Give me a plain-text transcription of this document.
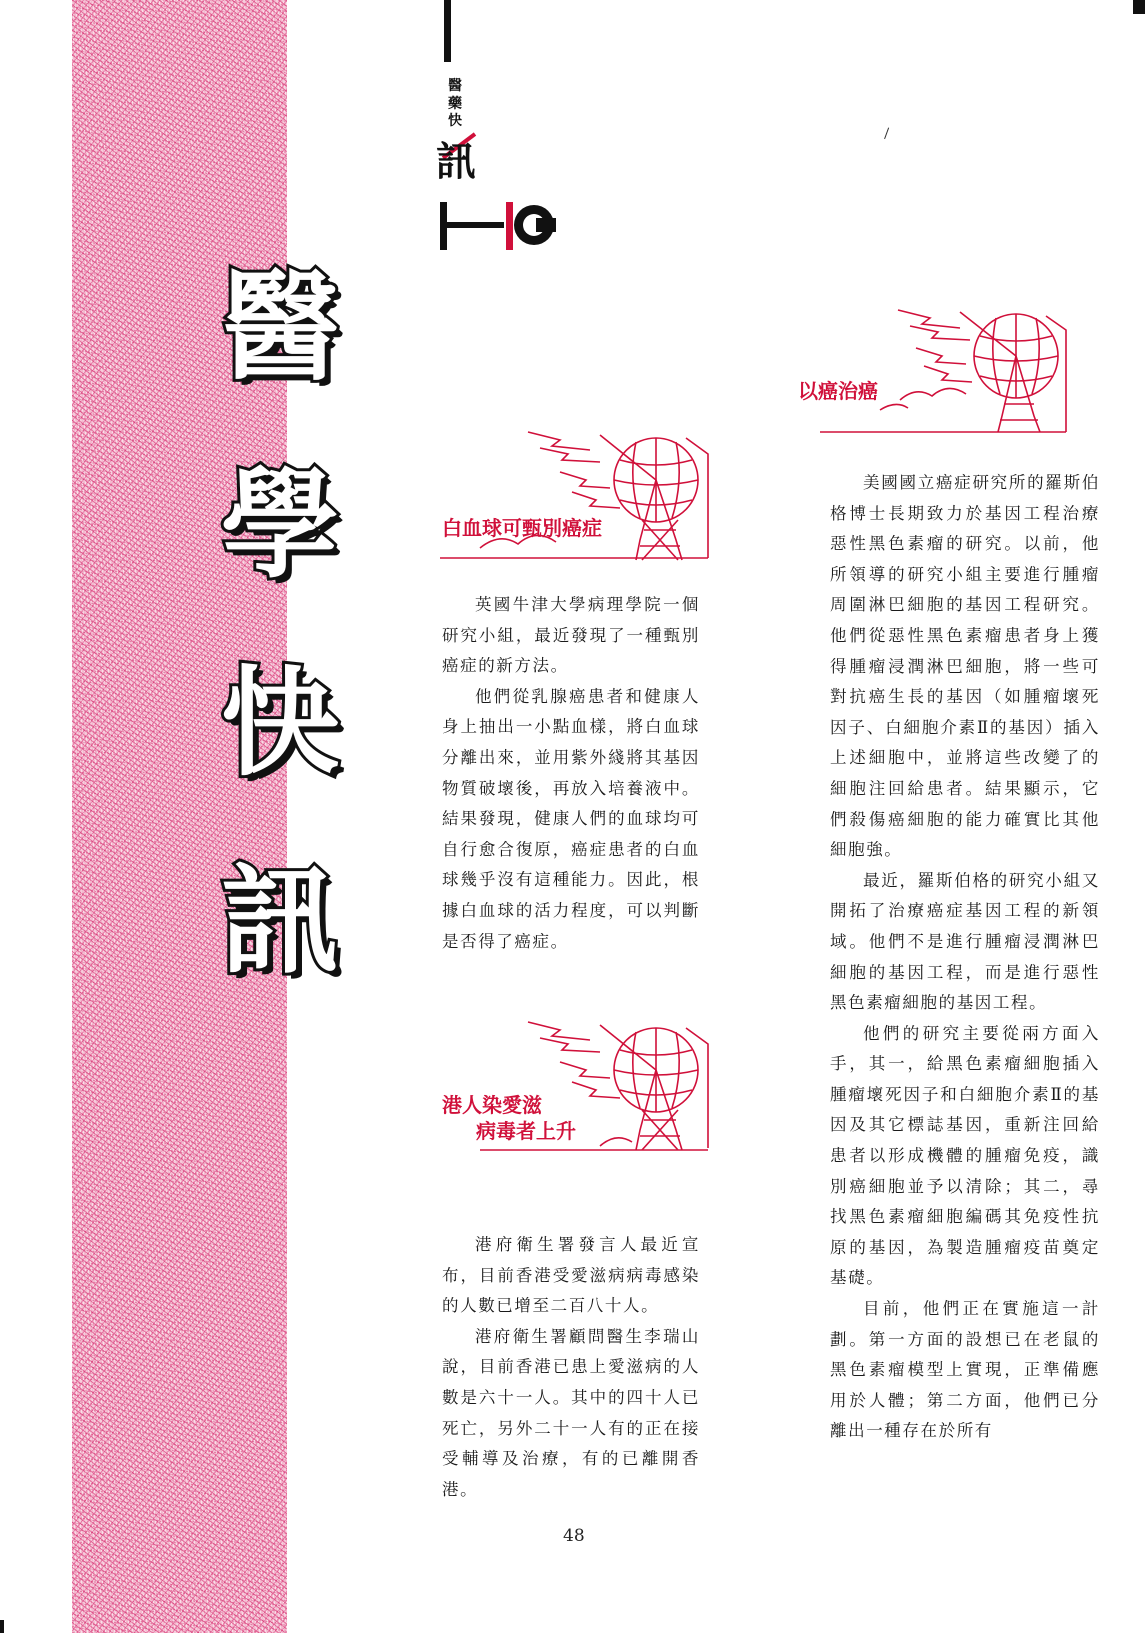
醫
學
快
訊
醫
藥
快
訊
白血球可甄別癌症

英國牛津大學病理學院一個研究小組，最近發現了一種甄別癌症的新方法。

他們從乳腺癌患者和健康人身上抽出一小點血樣，將白血球分離出來，並用紫外綫將其基因物質破壞後，再放入培養液中。結果發現，健康人們的血球均可自行愈合復原，癌症患者的白血球幾乎沒有這種能力。因此，根據白血球的活力程度，可以判斷是否得了癌症。

港人染愛滋
病毒者上升

港府衛生署發言人最近宣布，目前香港受愛滋病病毒感染的人數已增至二百八十人。

港府衛生署顧問醫生李瑞山說，目前香港已患上愛滋病的人數是六十一人。其中的四十人已死亡，另外二十一人有的正在接受輔導及治療，有的已離開香港。

以癌治癌

美國國立癌症研究所的羅斯伯格博士長期致力於基因工程治療惡性黑色素瘤的研究。以前，他所領導的研究小組主要進行腫瘤周圍淋巴細胞的基因工程研究。他們從惡性黑色素瘤患者身上獲得腫瘤浸潤淋巴細胞，將一些可對抗癌生長的基因（如腫瘤壞死因子、白細胞介素Ⅱ的基因）插入上述細胞中，並將這些改變了的細胞注回給患者。結果顯示，它們殺傷癌細胞的能力確實比其他細胞強。

最近，羅斯伯格的研究小組又開拓了治療癌症基因工程的新領域。他們不是進行腫瘤浸潤淋巴細胞的基因工程，而是進行惡性黑色素瘤細胞的基因工程。

他們的研究主要從兩方面入手，其一，給黑色素瘤細胞插入腫瘤壞死因子和白細胞介素Ⅱ的基因及其它標誌基因，重新注回給患者以形成機體的腫瘤免疫，識別癌細胞並予以清除；其二，尋找黑色素瘤細胞編碼其免疫性抗原的基因，為製造腫瘤疫苗奠定基礎。

目前，他們正在實施這一計劃。第一方面的設想已在老鼠的黑色素瘤模型上實現，正準備應用於人體；第二方面，他們已分離出一種存在於所有

48
